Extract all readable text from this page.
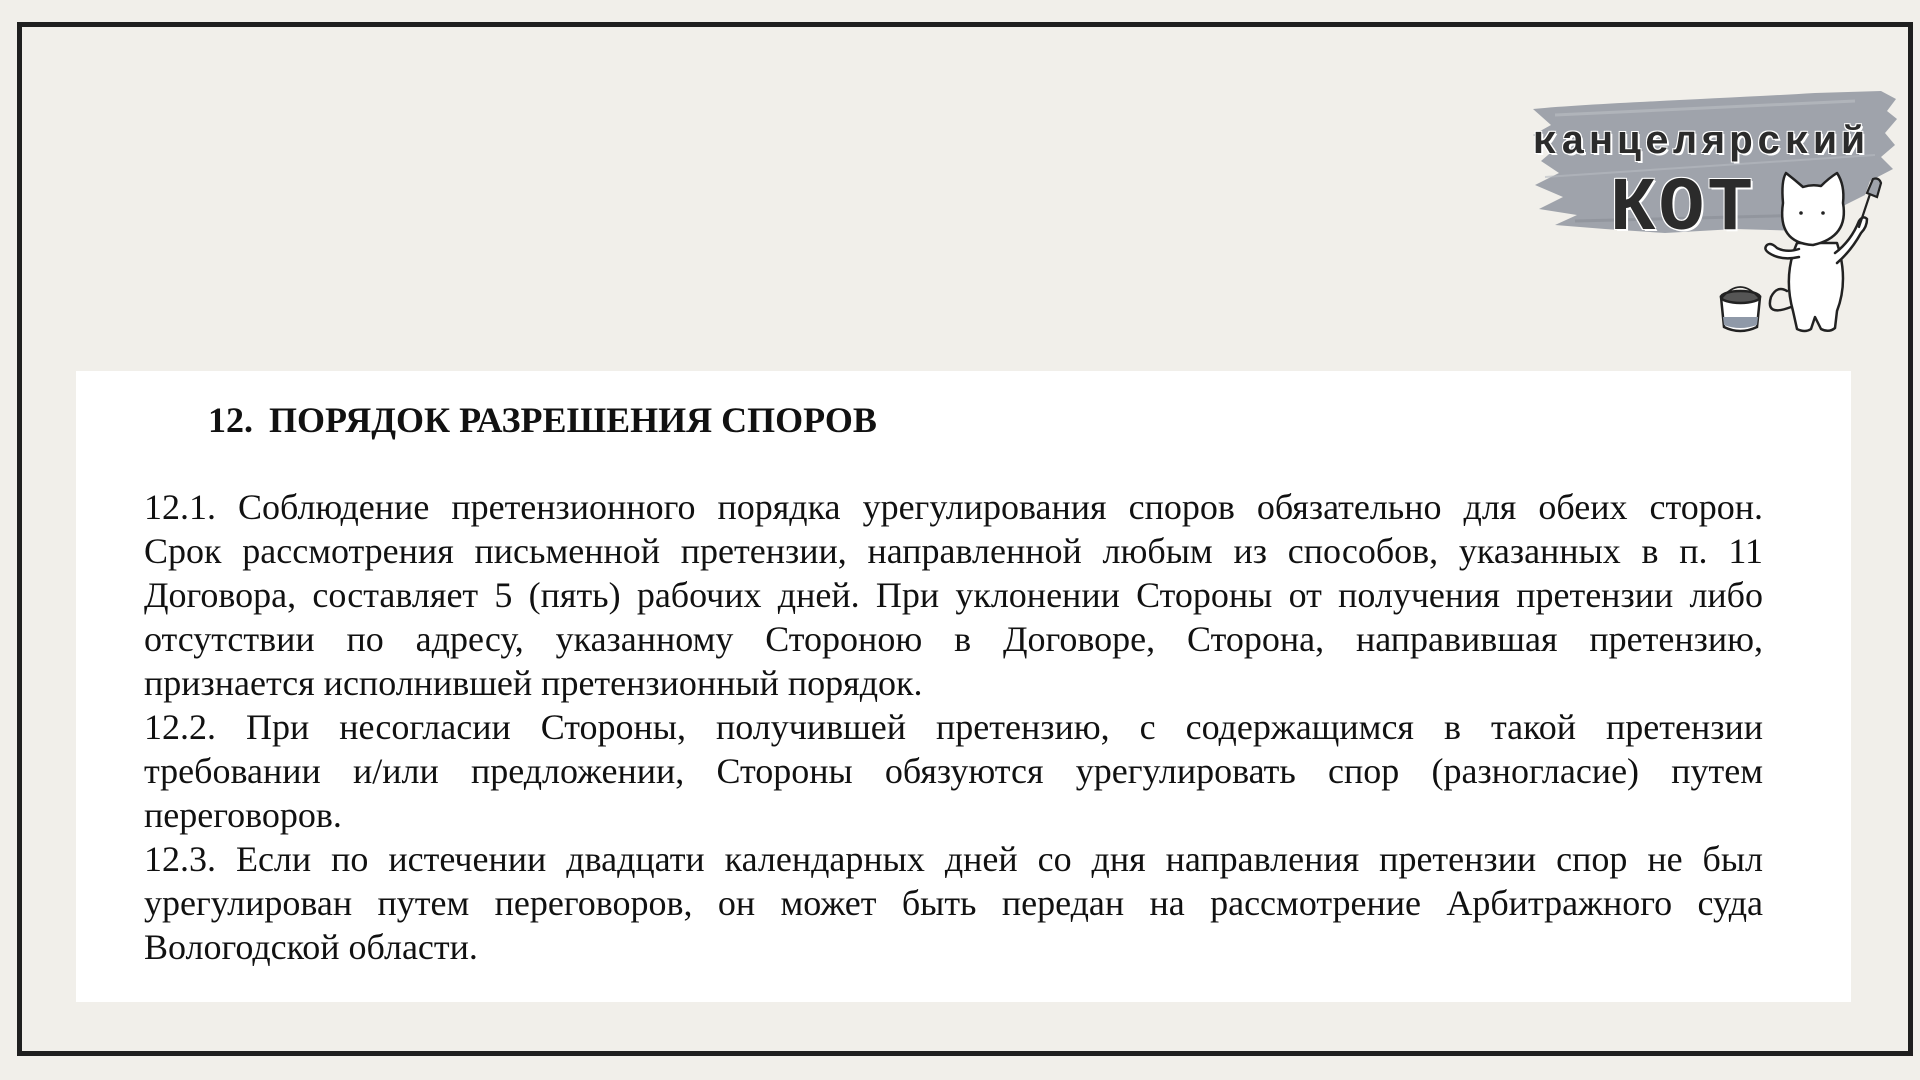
канцелярский
КОТ
12. ПОРЯДОК РАЗРЕШЕНИЯ СПОРОВ
12.1. Соблюдение претензионного порядка урегулирования споров обязательно для обеих сторон.
Срок рассмотрения письменной претензии, направленной любым из способов, указанных в п. 11
Договора, составляет 5 (пять) рабочих дней. При уклонении Стороны от получения претензии либо
отсутствии по адресу, указанному Стороною в Договоре, Сторона, направившая претензию,
признается исполнившей претензионный порядок.
12.2. При несогласии Стороны, получившей претензию, с содержащимся в такой претензии
требовании и/или предложении, Стороны обязуются урегулировать спор (разногласие) путем
переговоров.
12.3. Если по истечении двадцати календарных дней со дня направления претензии спор не был
урегулирован путем переговоров, он может быть передан на рассмотрение Арбитражного суда
Вологодской области.
